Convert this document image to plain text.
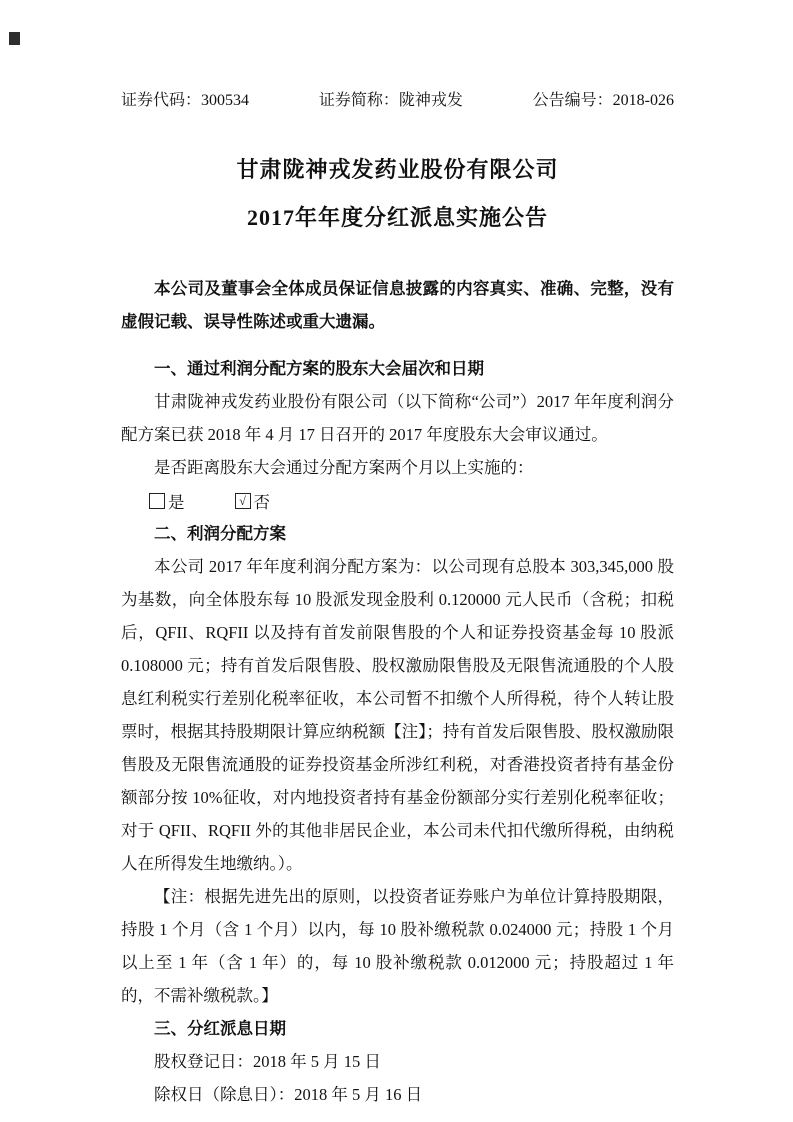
证券代码：300534	证券简称：陇神戎发	公告编号：2018-026
甘肃陇神戎发药业股份有限公司
2017年年度分红派息实施公告

本公司及董事会全体成员保证信息披露的内容真实、准确、完整，没有虚假记载、误导性陈述或重大遗漏。

一、通过利润分配方案的股东大会届次和日期

甘肃陇神戎发药业股份有限公司（以下简称“公司”）2017 年年度利润分配方案已获 2018 年 4 月 17 日召开的 2017 年度股东大会审议通过。

是否距离股东大会通过分配方案两个月以上实施的：

是	√ 否

二、利润分配方案

本公司 2017 年年度利润分配方案为：以公司现有总股本 303,345,000 股为基数，向全体股东每 10 股派发现金股利 0.120000 元人民币（含税；扣税后，QFII、RQFII 以及持有首发前限售股的个人和证券投资基金每 10 股派 0.108000 元；持有首发后限售股、股权激励限售股及无限售流通股的个人股息红利税实行差别化税率征收，本公司暂不扣缴个人所得税，待个人转让股票时，根据其持股期限计算应纳税额【注】；持有首发后限售股、股权激励限售股及无限售流通股的证券投资基金所涉红利税，对香港投资者持有基金份额部分按 10%征收，对内地投资者持有基金份额部分实行差别化税率征收；对于 QFII、RQFII 外的其他非居民企业，本公司未代扣代缴所得税，由纳税人在所得发生地缴纳。）。

【注：根据先进先出的原则，以投资者证券账户为单位计算持股期限，持股 1 个月（含 1 个月）以内，每 10 股补缴税款 0.024000 元；持股 1 个月以上至 1 年（含 1 年）的，每 10 股补缴税款 0.012000 元；持股超过 1 年的，不需补缴税款。】

三、分红派息日期

股权登记日：2018 年 5 月 15 日

除权日（除息日）：2018 年 5 月 16 日
